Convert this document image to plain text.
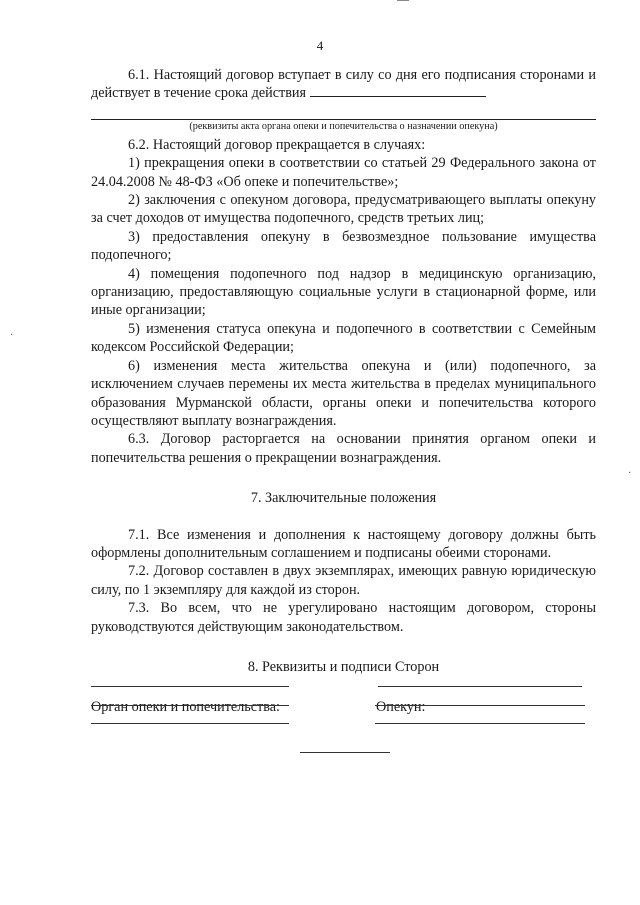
4

6.1. Настоящий договор вступает в силу со дня его подписания сторонами и действует в течение срока действия

(реквизиты акта органа опеки и попечительства о назначении опекуна)

6.2. Настоящий договор прекращается в случаях:

1) прекращения опеки в соответствии со статьей 29 Федерального закона от 24.04.2008 № 48-ФЗ «Об опеке и попечительстве»;

2) заключения с опекуном договора, предусматривающего выплаты опекуну за счет доходов от имущества подопечного, средств третьих лиц;

3) предоставления опекуну в безвозмездное пользование имущества подопечного;

4) помещения подопечного под надзор в медицинскую организацию, организацию, предоставляющую социальные услуги в стационарной форме, или иные организации;

5) изменения статуса опекуна и подопечного в соответствии с Семейным кодексом Российской Федерации;

6) изменения места жительства опекуна и (или) подопечного, за исключением случаев перемены их места жительства в пределах муниципального образования Мурманской области, органы опеки и попечительства которого осуществляют выплату вознаграждения.

6.3. Договор расторгается на основании принятия органом опеки и попечительства решения о прекращении вознаграждения.

7. Заключительные положения

7.1. Все изменения и дополнения к настоящему договору должны быть оформлены дополнительным соглашением и подписаны обеими сторонами.

7.2. Договор составлен в двух экземплярах, имеющих равную юридическую силу, по 1 экземпляру для каждой из сторон.

7.3. Во всем, что не урегулировано настоящим договором, стороны руководствуются действующим законодательством.

8. Реквизиты и подписи Сторон
Орган опеки и попечительства:	Опекун:
·
·
